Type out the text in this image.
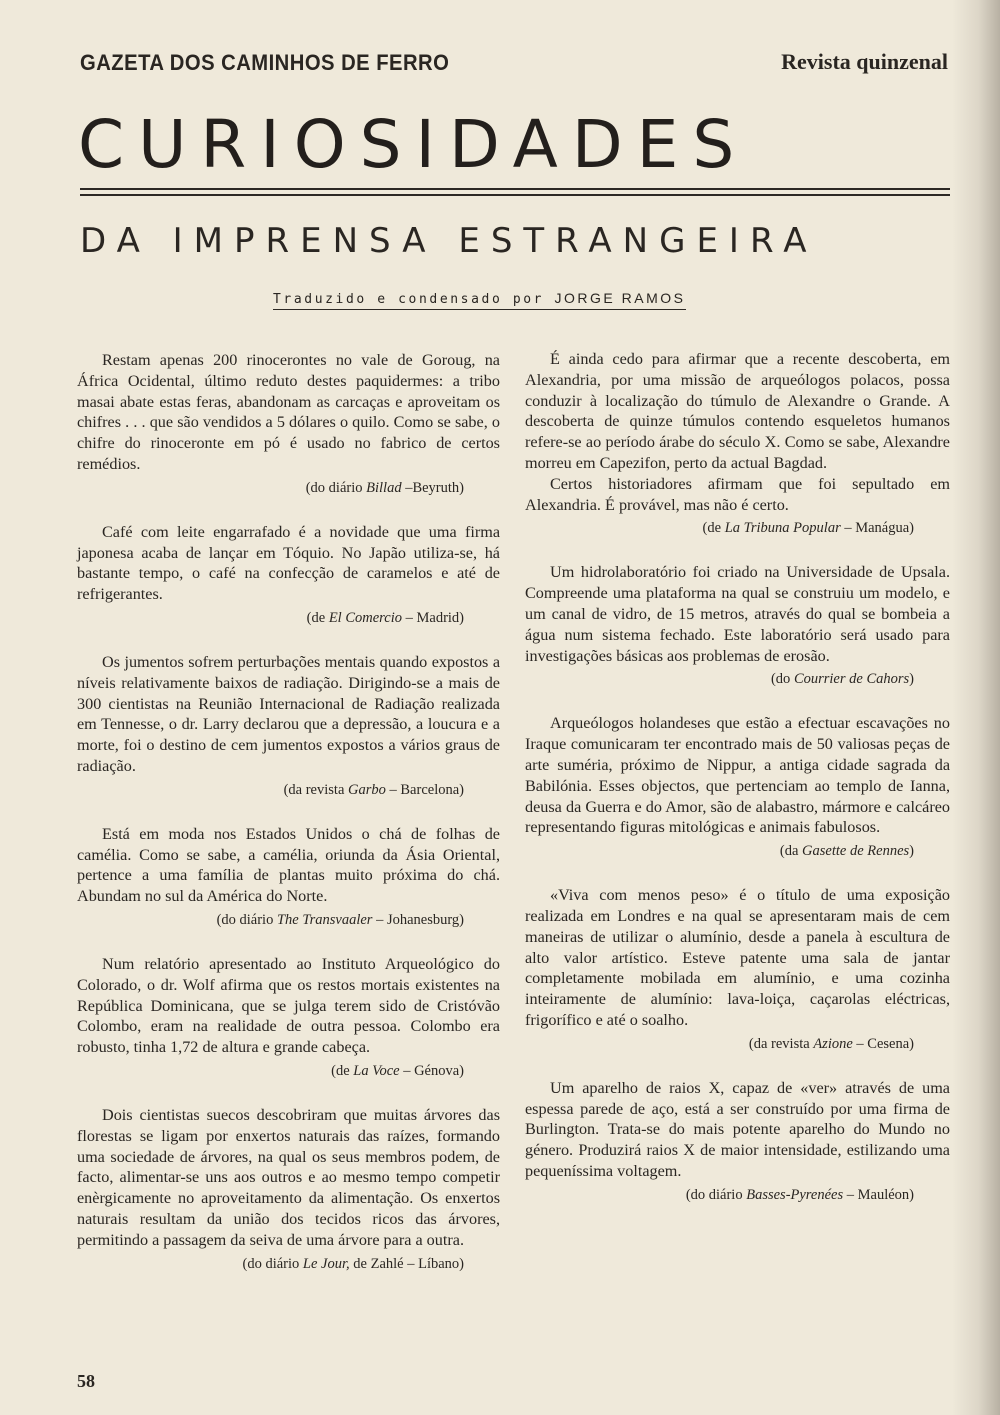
GAZETA DOS CAMINHOS DE FERRO	Revista quinzenal
CURIOSIDADES
DA IMPRENSA ESTRANGEIRA
Traduzido e condensado por JORGE RAMOS

Restam apenas 200 rinocerontes no vale de Goroug, na África Ocidental, último reduto destes paquidermes: a tribo masai abate estas feras, abandonam as carcaças e aproveitam os chifres . . . que são vendidos a 5 dólares o quilo. Como se sabe, o chifre do rinoceronte em pó é usado no fabrico de certos remédios.

(do diário Billad –Beyruth)

Café com leite engarrafado é a novidade que uma firma japonesa acaba de lançar em Tóquio. No Japão utiliza-se, há bastante tempo, o café na confecção de caramelos e até de refrigerantes.

(de El Comercio – Madrid)

Os jumentos sofrem perturbações mentais quando expostos a níveis relativamente baixos de radiação. Dirigindo-se a mais de 300 cientistas na Reunião Internacional de Radiação realizada em Tennesse, o dr. Larry declarou que a depressão, a loucura e a morte, foi o destino de cem jumentos expostos a vários graus de radiação.

(da revista Garbo – Barcelona)

Está em moda nos Estados Unidos o chá de folhas de camélia. Como se sabe, a camélia, oriunda da Ásia Oriental, pertence a uma família de plantas muito próxima do chá. Abundam no sul da América do Norte.

(do diário The Transvaaler – Johanesburg)

Num relatório apresentado ao Instituto Arqueológico do Colorado, o dr. Wolf afirma que os restos mortais existentes na República Dominicana, que se julga terem sido de Cristóvão Colombo, eram na realidade de outra pessoa. Colombo era robusto, tinha 1,72 de altura e grande cabeça.

(de La Voce – Génova)

Dois cientistas suecos descobriram que muitas árvores das florestas se ligam por enxertos naturais das raízes, formando uma sociedade de árvores, na qual os seus membros podem, de facto, alimentar-se uns aos outros e ao mesmo tempo competir enèrgicamente no aproveitamento da alimentação. Os enxertos naturais resultam da união dos tecidos ricos das árvores, permitindo a passagem da seiva de uma árvore para a outra.

(do diário Le Jour, de Zahlé – Líbano)

É ainda cedo para afirmar que a recente descoberta, em Alexandria, por uma missão de arqueólogos polacos, possa conduzir à localização do túmulo de Alexandre o Grande. A descoberta de quinze túmulos contendo esqueletos humanos refere-se ao período árabe do século X. Como se sabe, Alexandre morreu em Capezifon, perto da actual Bagdad.

Certos historiadores afirmam que foi sepultado em Alexandria. É provável, mas não é certo.

(de La Tribuna Popular – Manágua)

Um hidrolaboratório foi criado na Universidade de Upsala. Compreende uma plataforma na qual se construiu um modelo, e um canal de vidro, de 15 metros, através do qual se bombeia a água num sistema fechado. Este laboratório será usado para investigações básicas aos problemas de erosão.

(do Courrier de Cahors)

Arqueólogos holandeses que estão a efectuar escavações no Iraque comunicaram ter encontrado mais de 50 valiosas peças de arte suméria, próximo de Nippur, a antiga cidade sagrada da Babilónia. Esses objectos, que pertenciam ao templo de Ianna, deusa da Guerra e do Amor, são de alabastro, mármore e calcáreo representando figuras mitológicas e animais fabulosos.

(da Gasette de Rennes)

«Viva com menos peso» é o título de uma exposição realizada em Londres e na qual se apresentaram mais de cem maneiras de utilizar o alumínio, desde a panela à escultura de alto valor artístico. Esteve patente uma sala de jantar completamente mobilada em alumínio, e uma cozinha inteiramente de alumínio: lava-loiça, caçarolas eléctricas, frigorífico e até o soalho.

(da revista Azione – Cesena)

Um aparelho de raios X, capaz de «ver» através de uma espessa parede de aço, está a ser construído por uma firma de Burlington. Trata-se do mais potente aparelho do Mundo no género. Produzirá raios X de maior intensidade, estilizando uma pequeníssima voltagem.

(do diário Basses-Pyrenées – Mauléon)
58
